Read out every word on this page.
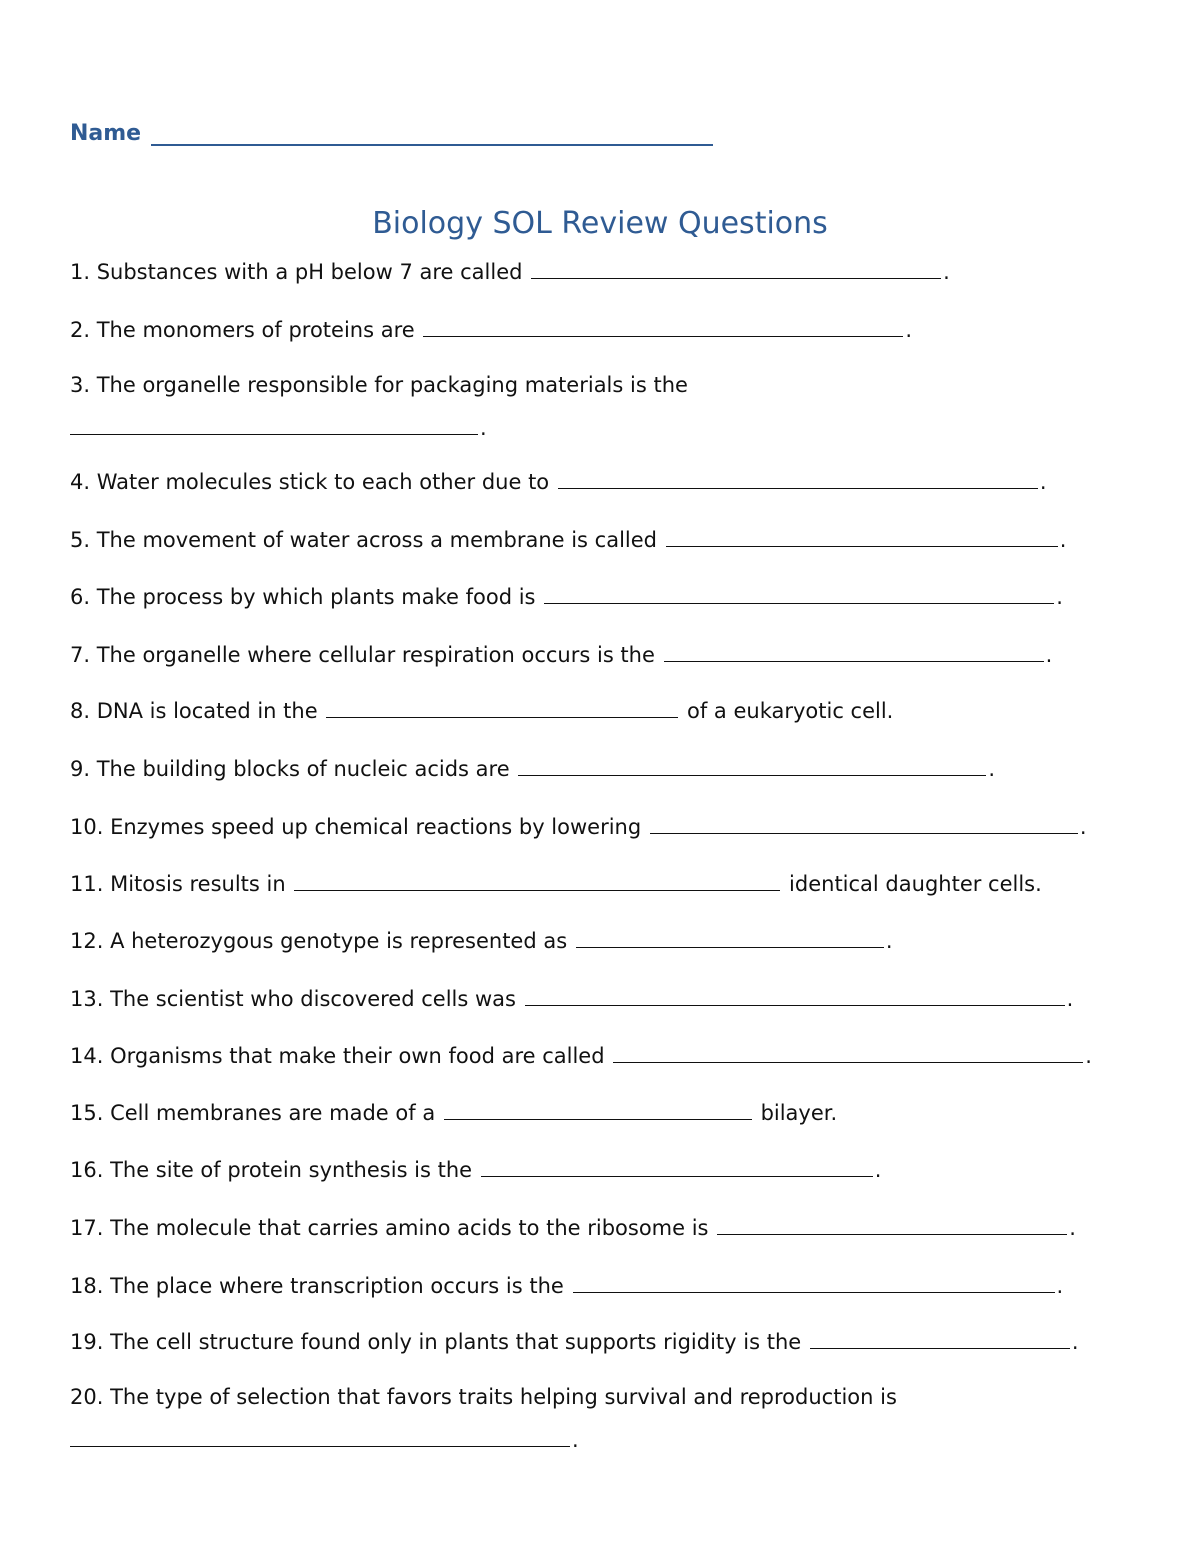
Name
Biology SOL Review Questions
1. Substances with a pH below 7 are called	.
2. The monomers of proteins are	.
3. The organelle responsible for packaging materials is the
.
4. Water molecules stick to each other due to	.
5. The movement of water across a membrane is called	.
6. The process by which plants make food is	.
7. The organelle where cellular respiration occurs is the	.
8. DNA is located in the	of a eukaryotic cell.
9. The building blocks of nucleic acids are	.
10. Enzymes speed up chemical reactions by lowering	.
11. Mitosis results in	identical daughter cells.
12. A heterozygous genotype is represented as	.
13. The scientist who discovered cells was	.
14. Organisms that make their own food are called	.
15. Cell membranes are made of a	bilayer.
16. The site of protein synthesis is the	.
17. The molecule that carries amino acids to the ribosome is	.
18. The place where transcription occurs is the	.
19. The cell structure found only in plants that supports rigidity is the	.
20. The type of selection that favors traits helping survival and reproduction is
.
